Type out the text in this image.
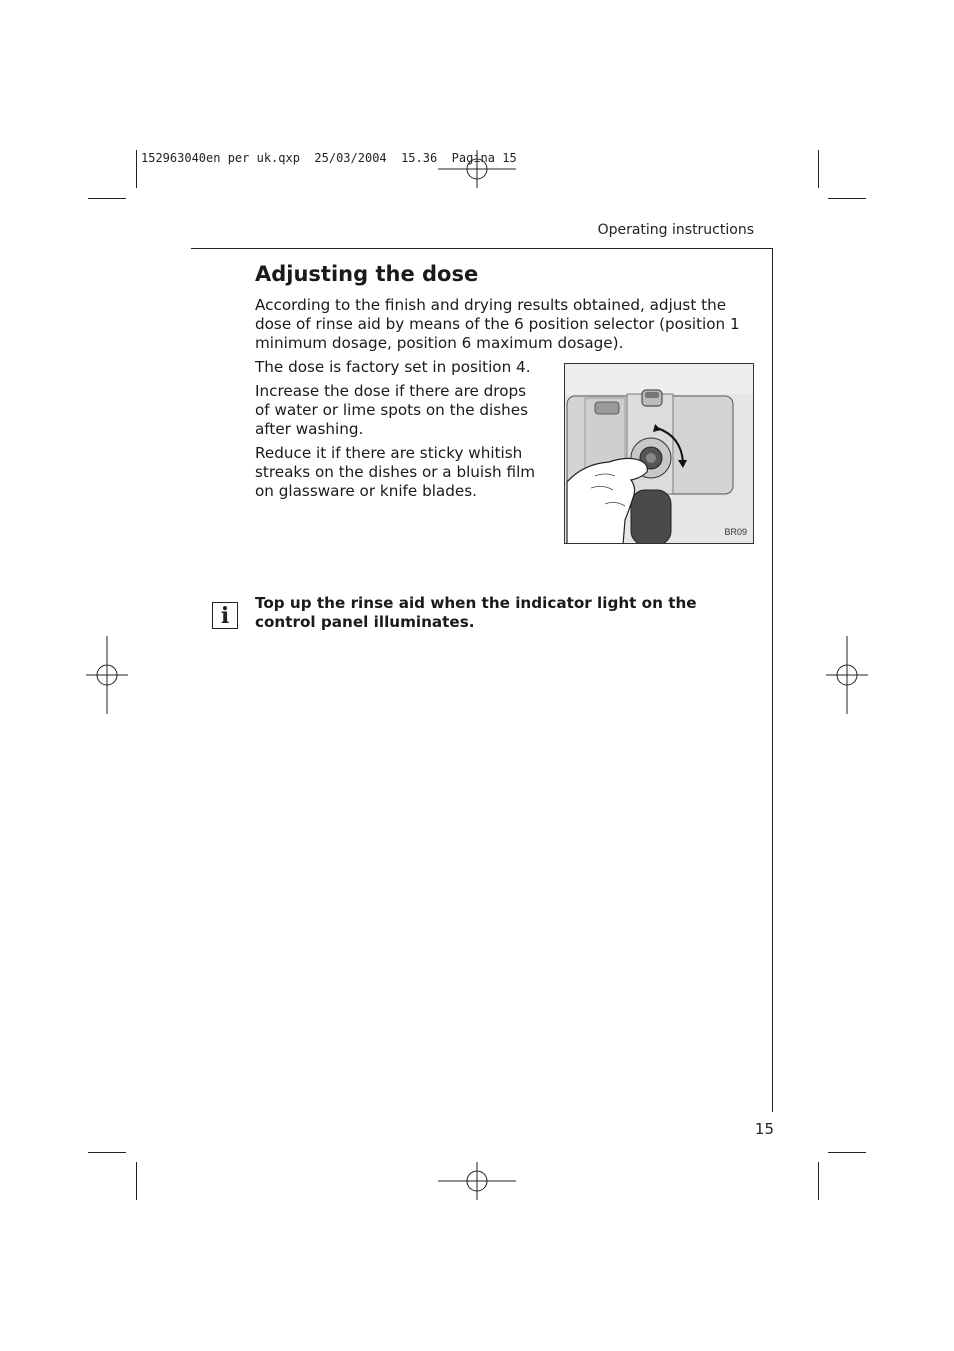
152963040en per uk.qxp  25/03/2004  15.36  Pagina 15
Operating instructions
Adjusting the dose
According to the finish and drying results obtained, adjust the dose of rinse aid by means of the 6 position selector (position 1 minimum dosage, position 6 maximum dosage).
The dose is factory set in position 4.
Increase the dose if there are drops of water or lime spots on the dishes after washing.
Reduce it if there are sticky whitish streaks on the dishes or a bluish film on glassware or knife blades.
BR09
i	Top up the rinse aid when the indicator light on the control panel illuminates.
15
